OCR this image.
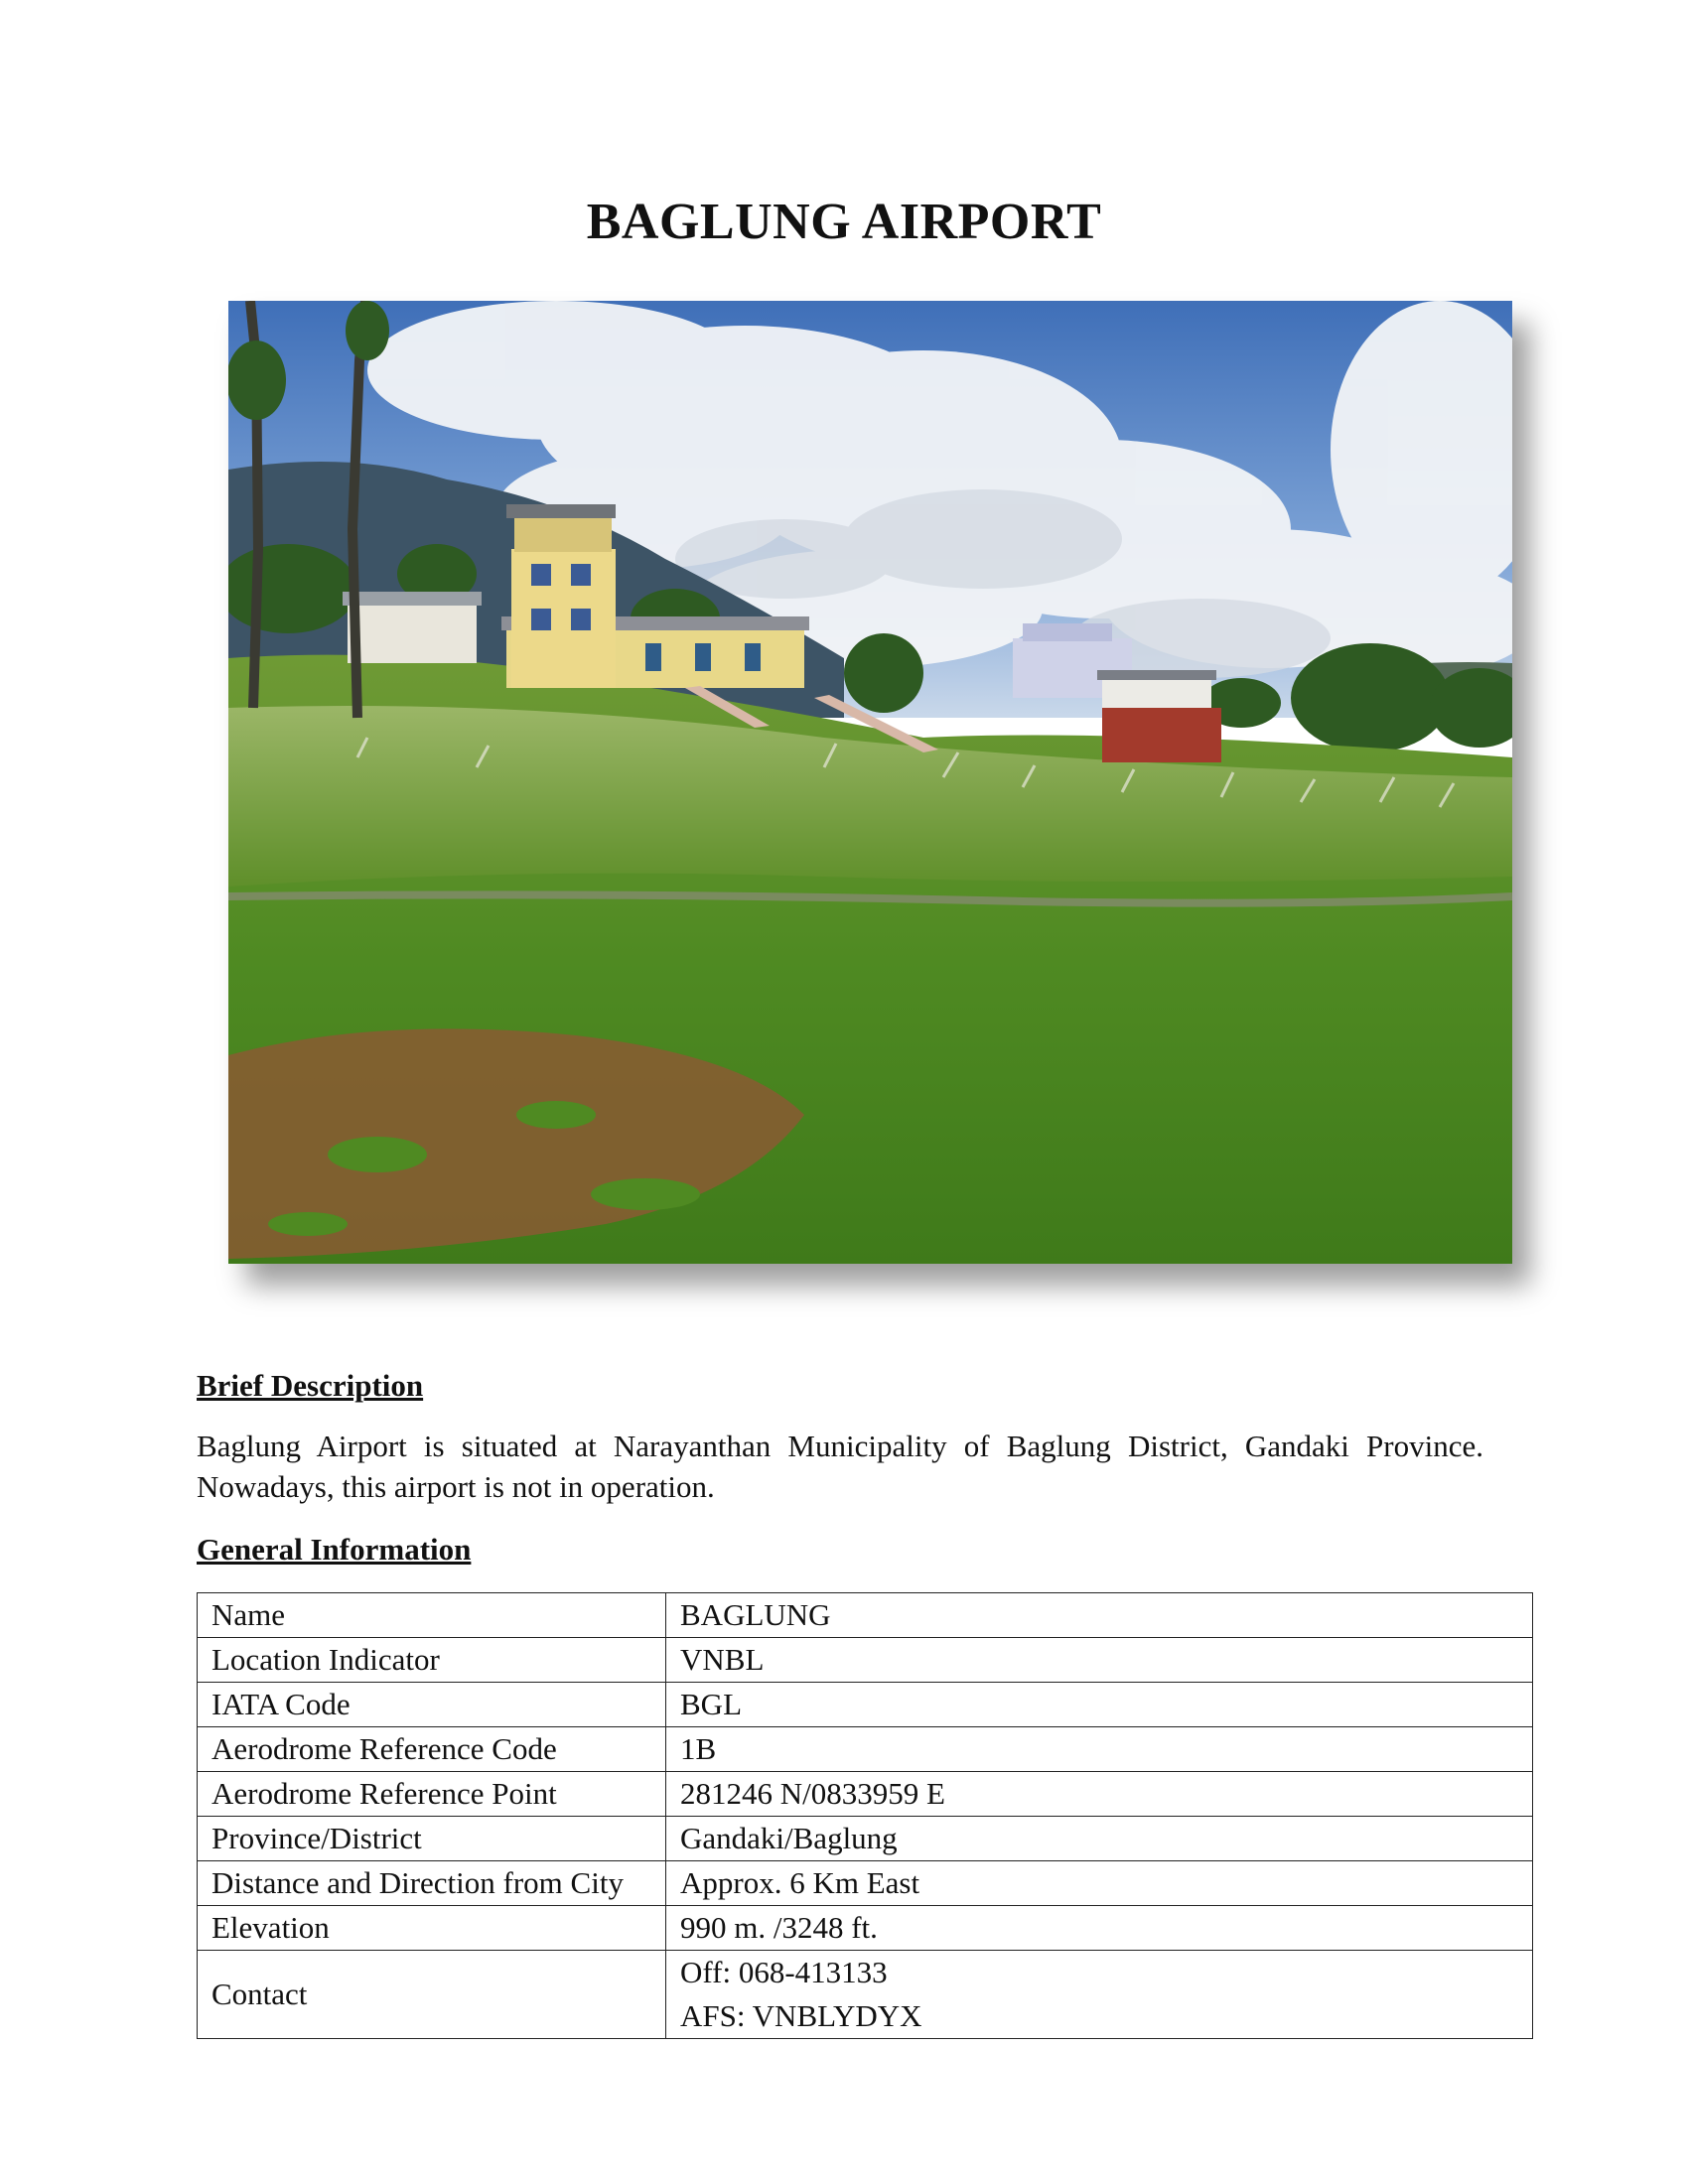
BAGLUNG AIRPORT
Brief Description

Baglung Airport is situated at Narayanthan Municipality of Baglung District, Gandaki Province. Nowadays, this airport is not in operation.

General Information
Name	BAGLUNG
Location Indicator	VNBL
IATA Code	BGL
Aerodrome Reference Code	1B
Aerodrome Reference Point	281246 N/0833959 E
Province/District	Gandaki/Baglung
Distance and Direction from City	Approx. 6 Km East
Elevation	990 m. /3248 ft.
Contact	Off: 068-413133
AFS: VNBLYDYX
